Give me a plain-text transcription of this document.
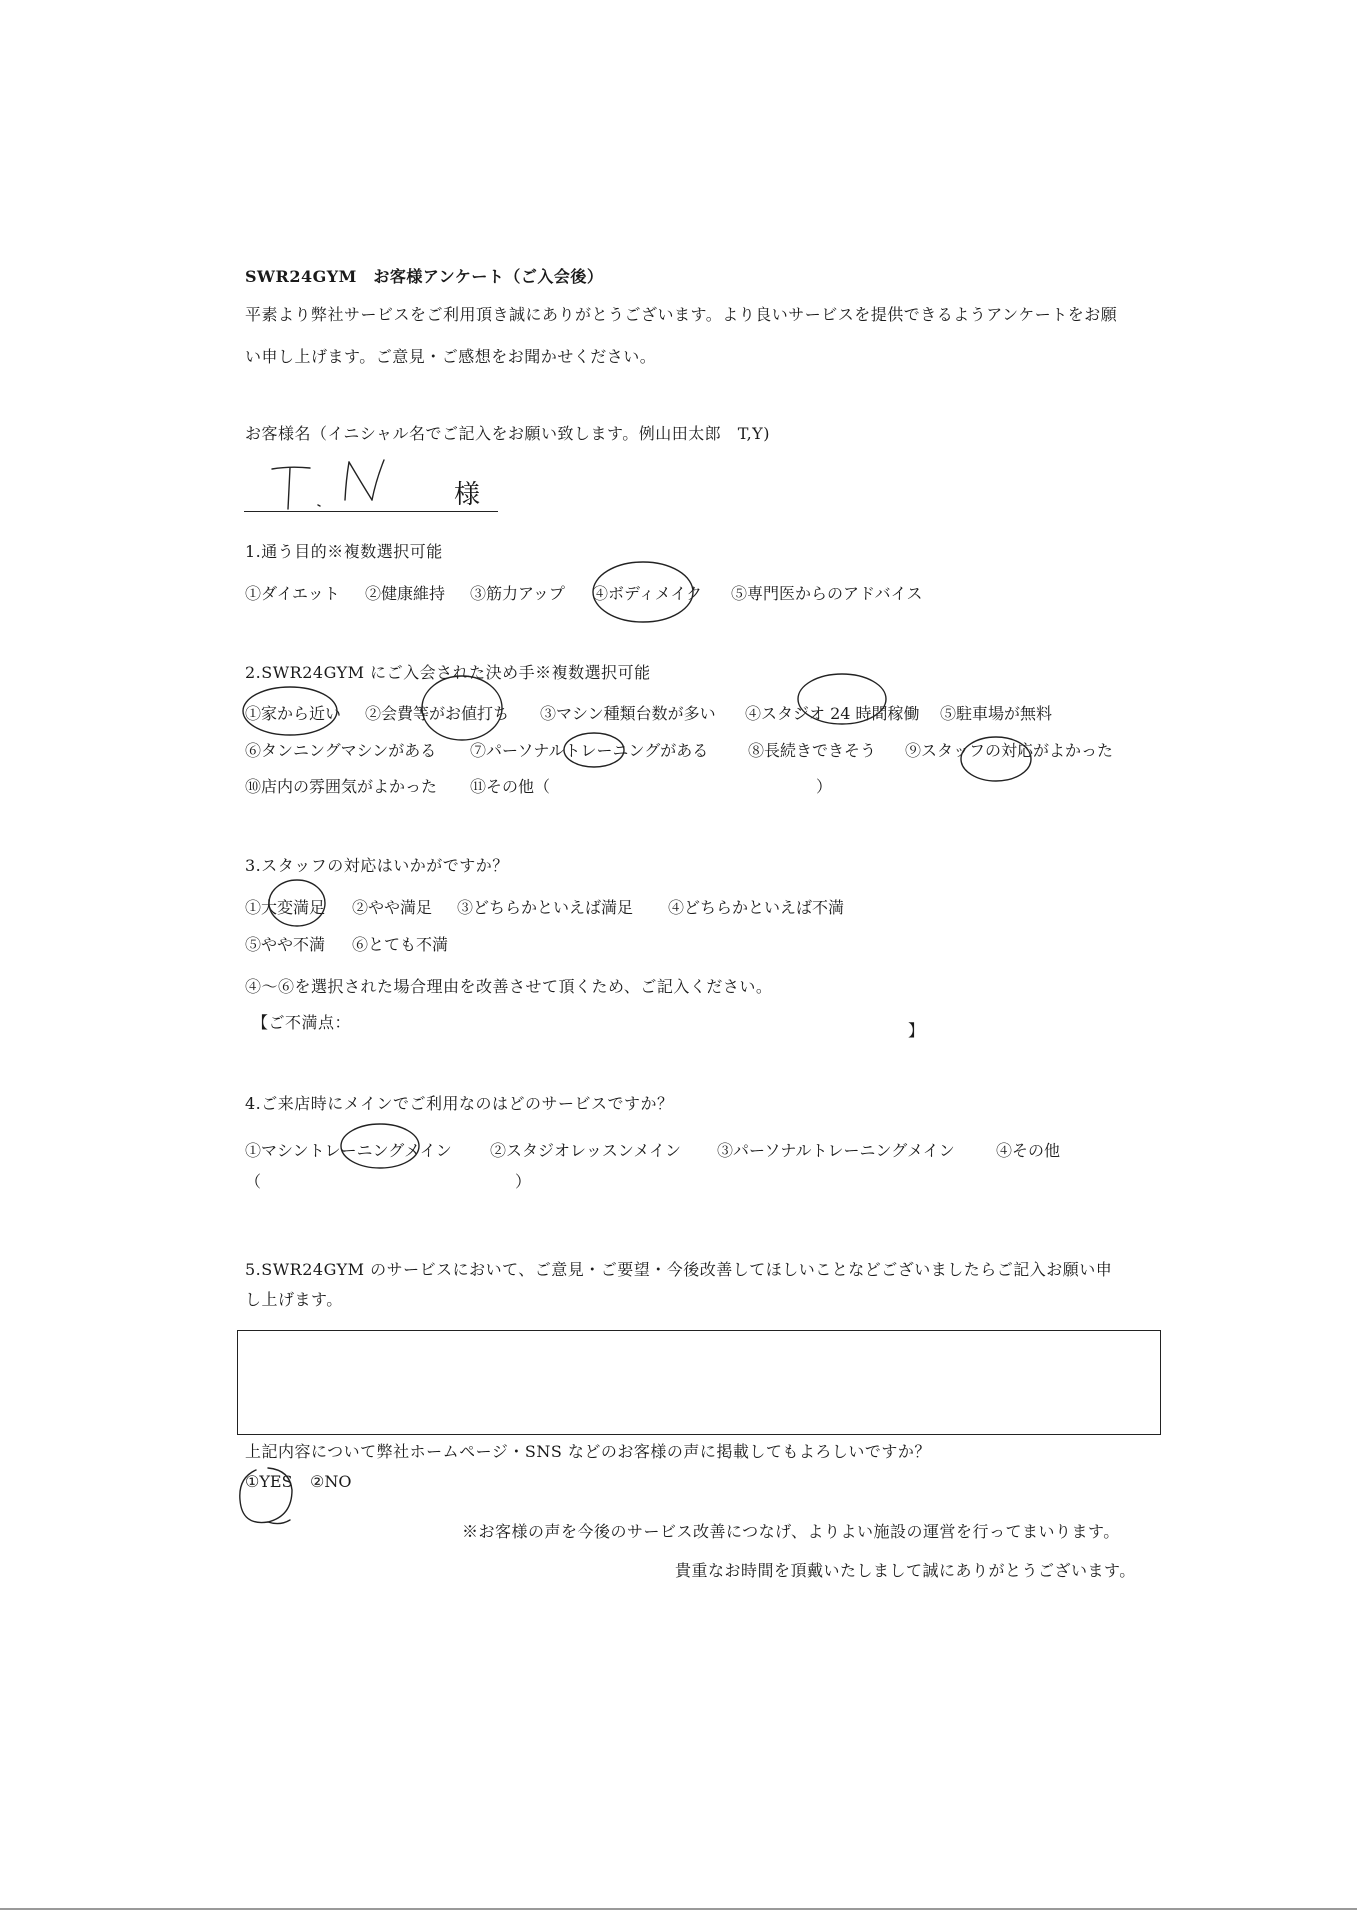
SWR24GYM　お客様アンケート（ご入会後）
平素より弊社サービスをご利用頂き誠にありがとうございます。より良いサービスを提供できるようアンケートをお願
い申し上げます。ご意見・ご感想をお聞かせください。
お客様名（イニシャル名でご記入をお願い致します。例山田太郎　T,Y)
様
1.通う目的※複数選択可能
①ダイエット ②健康維持 ③筋力アップ ④ボディメイク ⑤専門医からのアドバイス
2.SWR24GYM にご入会された決め手※複数選択可能
①家から近い ②会費等がお値打ち ③マシン種類台数が多い ④スタジオ 24 時間稼働 ⑤駐車場が無料
⑥タンニングマシンがある ⑦パーソナルトレーニングがある ⑧長続きできそう ⑨スタッフの対応がよかった
⑩店内の雰囲気がよかった ⑪その他（	）
3.スタッフの対応はいかがですか？
①大変満足 ②やや満足 ③どちらかといえば満足 ④どちらかといえば不満
⑤やや不満 ⑥とても不満
④～⑥を選択された場合理由を改善させて頂くため、ご記入ください。
【ご不満点：	】
4.ご来店時にメインでご利用なのはどのサービスですか？
①マシントレーニングメイン ②スタジオレッスンメイン ③パーソナルトレーニングメイン	④その他
（	）
5.SWR24GYM のサービスにおいて、ご意見・ご要望・今後改善してほしいことなどございましたらご記入お願い申
し上げます。
上記内容について弊社ホームページ・SNS などのお客様の声に掲載してもよろしいですか？
①YES ②NO
※お客様の声を今後のサービス改善につなげ、よりよい施設の運営を行ってまいります。
貴重なお時間を頂戴いたしまして誠にありがとうございます。
